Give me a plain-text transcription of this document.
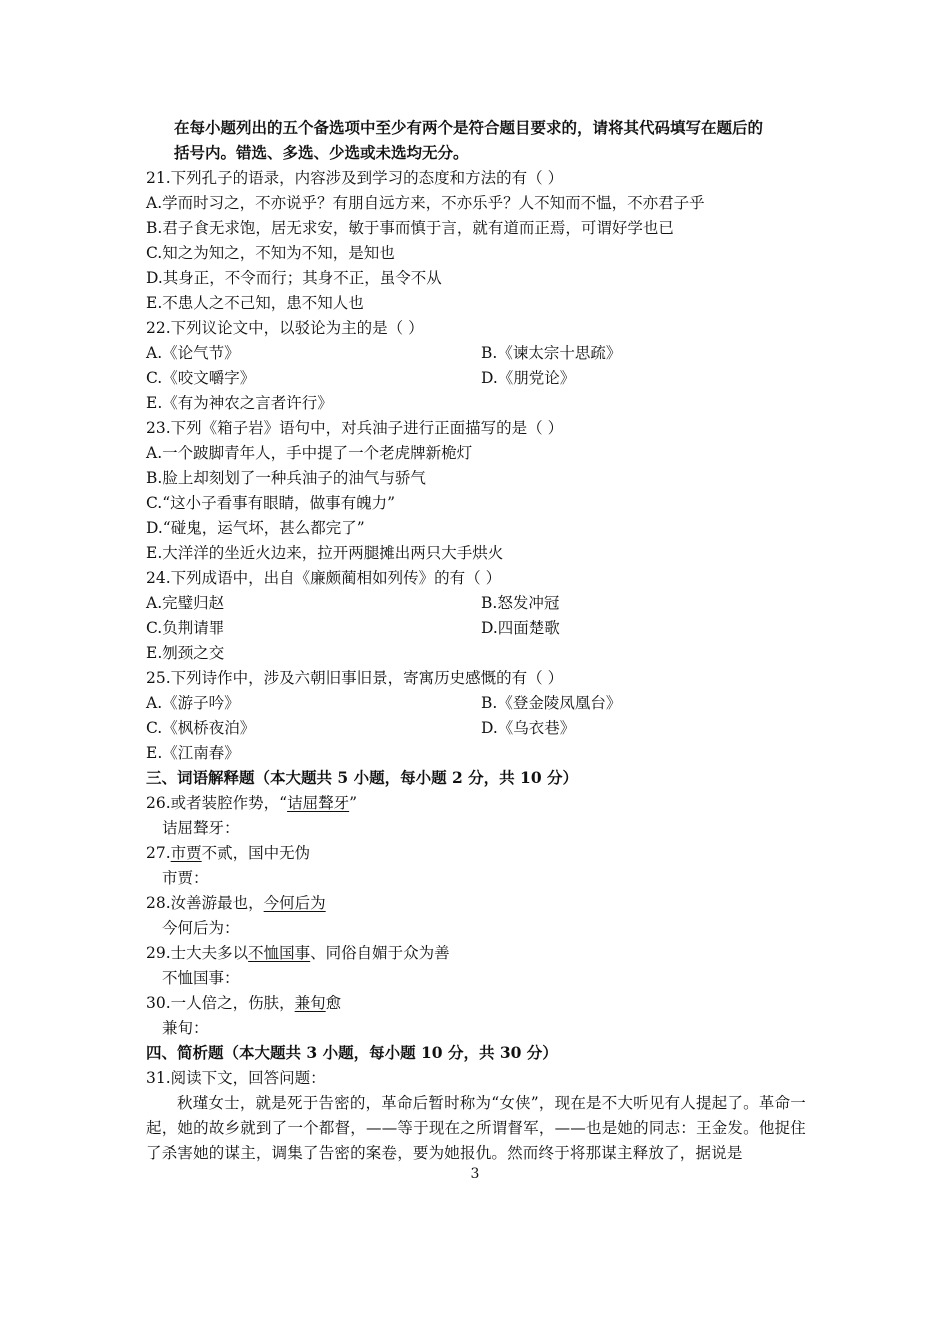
在每小题列出的五个备选项中至少有两个是符合题目要求的，请将其代码填写在题后的
括号内。错选、多选、少选或未选均无分。
21.下列孔子的语录，内容涉及到学习的态度和方法的有（ ）
A.学而时习之，不亦说乎？有朋自远方来，不亦乐乎？人不知而不愠，不亦君子乎
B.君子食无求饱，居无求安，敏于事而慎于言，就有道而正焉，可谓好学也已
C.知之为知之，不知为不知，是知也
D.其身正，不令而行；其身不正，虽令不从
E.不患人之不己知，患不知人也
22.下列议论文中，以驳论为主的是（ ）
A.《论气节》	B.《谏太宗十思疏》
C.《咬文嚼字》	D.《朋党论》
E.《有为神农之言者许行》
23.下列《箱子岩》语句中，对兵油子进行正面描写的是（ ）
A.一个跛脚青年人，手中提了一个老虎牌新桅灯
B.脸上却刻划了一种兵油子的油气与骄气
C.“这小子看事有眼睛，做事有魄力”
D.“碰鬼，运气坏，甚么都完了”
E.大洋洋的坐近火边来，拉开两腿摊出两只大手烘火
24.下列成语中，出自《廉颇蔺相如列传》的有（ ）
A.完璧归赵	B.怒发冲冠
C.负荆请罪	D.四面楚歌
E.刎颈之交
25.下列诗作中，涉及六朝旧事旧景，寄寓历史感慨的有（ ）
A.《游子吟》	B.《登金陵凤凰台》
C.《枫桥夜泊》	D.《乌衣巷》
E.《江南春》
三、词语解释题（本大题共 5 小题，每小题 2 分，共 10 分）
26.或者装腔作势，“诘屈聱牙”
诘屈聱牙：
27.市贾不贰，国中无伪
市贾：
28.汝善游最也，今何后为
今何后为：
29.士大夫多以不恤国事、同俗自媚于众为善
不恤国事：
30.一人倍之，伤肤，兼旬愈
兼旬：
四、简析题（本大题共 3 小题，每小题 10 分，共 30 分）
31.阅读下文，回答问题：
秋瑾女士，就是死于告密的，革命后暂时称为“女侠”，现在是不大听见有人提起了。革命一起，她的故乡就到了一个都督，——等于现在之所谓督军，——也是她的同志：王金发。他捉住了杀害她的谋主，调集了告密的案卷，要为她报仇。然而终于将那谋主释放了，据说是
3
